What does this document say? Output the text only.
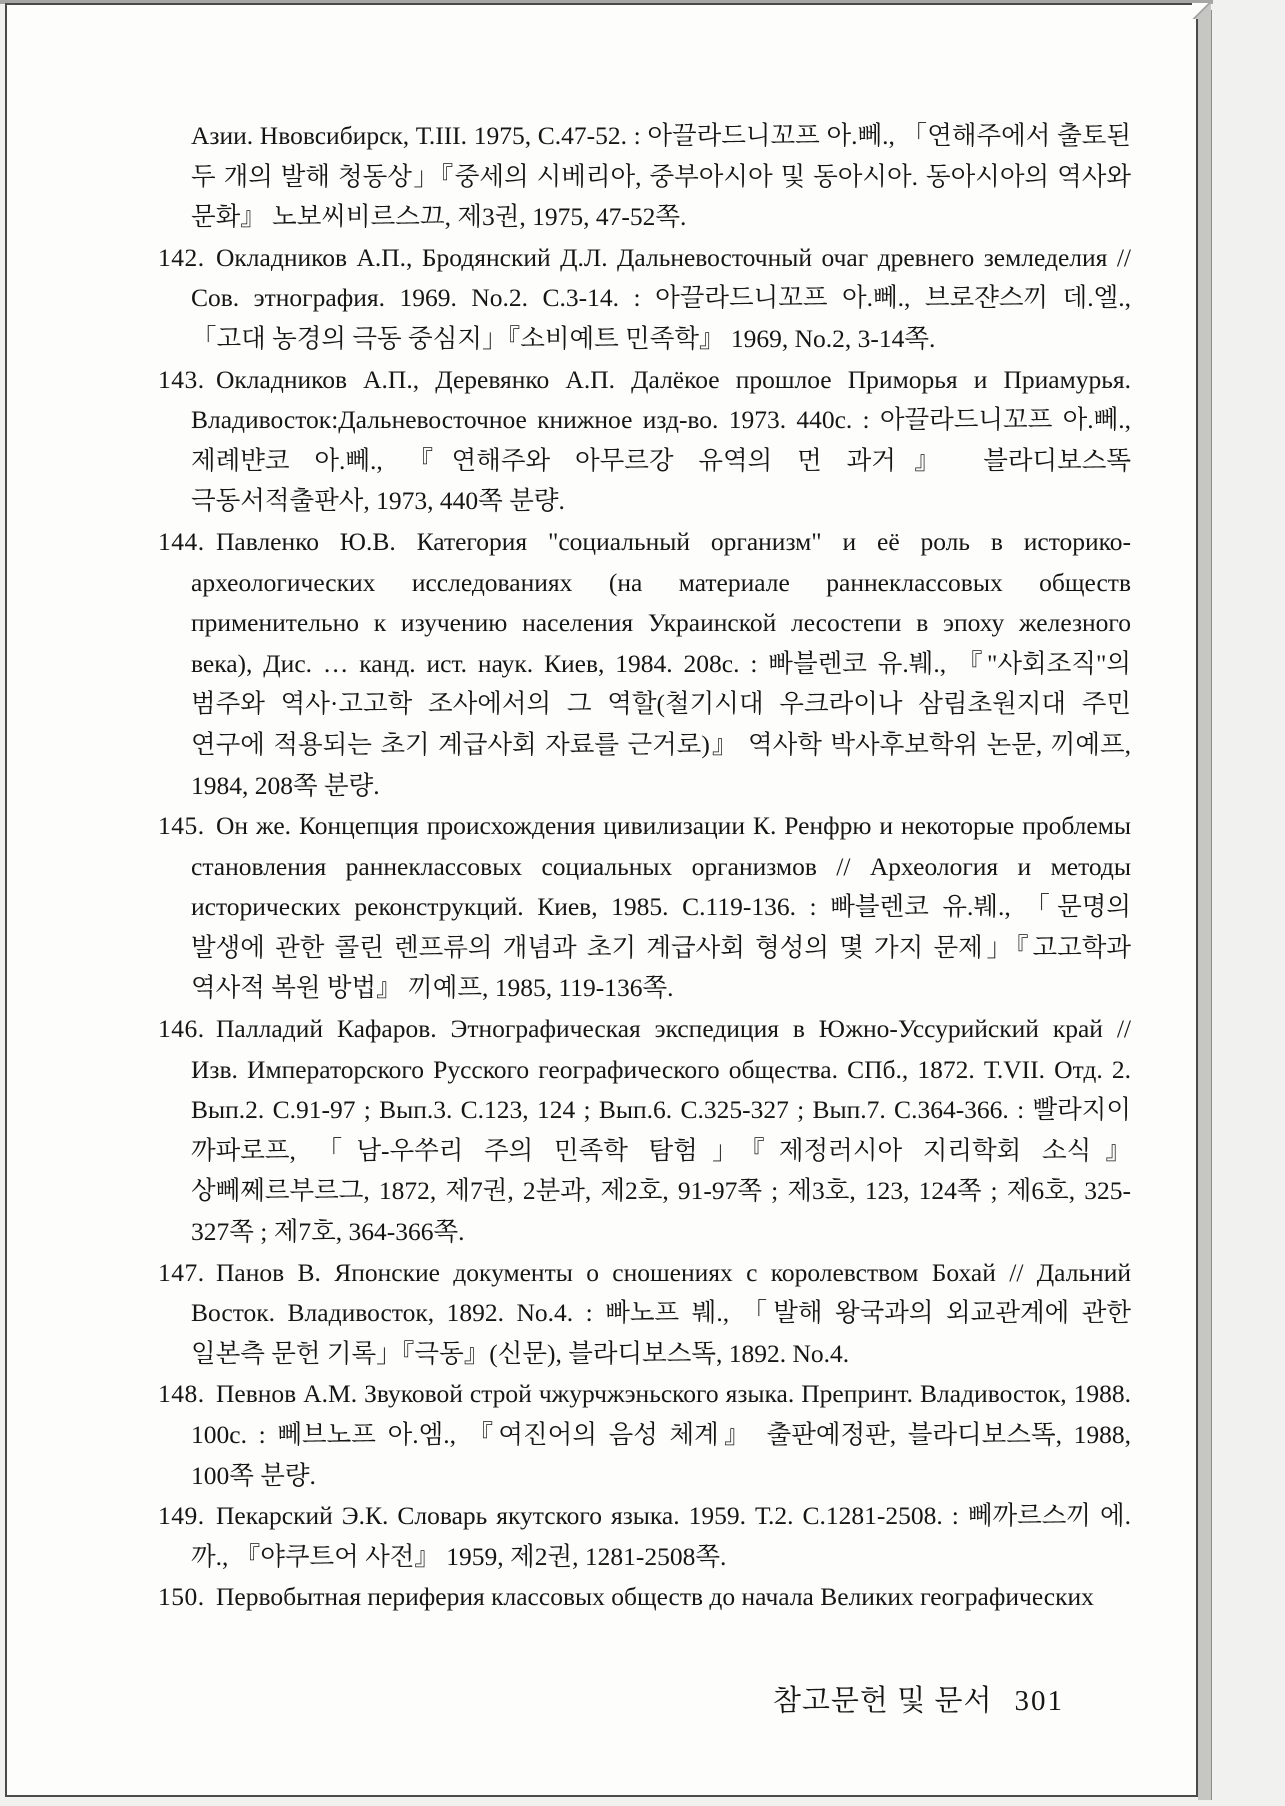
Азии. Нвовсибирск, Т.III. 1975, С.47-52. : 아끌라드니꼬프 아.뻬., 「연해주에서 출토된 두 개의 발해 청동상」『중세의 시베리아, 중부아시아 및 동아시아. 동아시아의 역사와 문화』 노보씨비르스끄, 제3권, 1975, 47-52쪽.

142. Окладников А.П., Бродянский Д.Л. Дальневосточный очаг древнего земледелия // Сов. этнография. 1969. No.2. С.3-14. : 아끌라드니꼬프 아.뻬., 브로쟌스끼 데.엘., 「고대 농경의 극동 중심지」『소비예트 민족학』 1969, No.2, 3-14쪽.

143. Окладников А.П., Деревянко А.П. Далёкое прошлое Приморья и Приамурья. Владивосток:Дальневосточное книжное изд-во. 1973. 440с. : 아끌라드니꼬프 아.뻬., 제례뱐코 아.뻬., 『연해주와 아무르강 유역의 먼 과거』 블라디보스똑 극동서적출판사, 1973, 440쪽 분량.

144. Павленко Ю.В. Категория "социальный организм" и её роль в историко-археологических исследованиях (на материале раннеклассовых обществ применительно к изучению населения Украинской лесостепи в эпоху железного века), Дис. … канд. ист. наук. Киев, 1984. 208с. : 빠블렌코 유.붸., 『"사회조직"의 범주와 역사·고고학 조사에서의 그 역할(철기시대 우크라이나 삼림초원지대 주민 연구에 적용되는 초기 계급사회 자료를 근거로)』 역사학 박사후보학위 논문, 끼예프, 1984, 208쪽 분량.

145. Он же. Концепция происхождения цивилизации К. Ренфрю и некоторые проблемы становления раннеклассовых социальных организмов // Археология и методы исторических реконструкций. Киев, 1985. С.119-136. : 빠블렌코 유.붸., 「문명의 발생에 관한 콜린 렌프류의 개념과 초기 계급사회 형성의 몇 가지 문제」『고고학과 역사적 복원 방법』 끼예프, 1985, 119-136쪽.

146. Палладий Кафаров. Этнографическая экспедиция в Южно-Уссурийский край // Изв. Императорского Русского географического общества. СПб., 1872. Т.VII. Отд. 2. Вып.2. С.91-97 ; Вып.3. С.123, 124 ; Вып.6. С.325-327 ; Вып.7. С.364-366. : 빨라지이 까파로프, 「남-우쑤리 주의 민족학 탐험」『제정러시아 지리학회 소식』 상뻬쩨르부르그, 1872, 제7권, 2분과, 제2호, 91-97쪽 ; 제3호, 123, 124쪽 ; 제6호, 325-327쪽 ; 제7호, 364-366쪽.

147. Панов В. Японские документы о сношениях с королевством Бохай // Дальний Восток. Владивосток, 1892. No.4. : 빠노프 붸., 「발해 왕국과의 외교관계에 관한 일본측 문헌 기록」『극동』(신문), 블라디보스똑, 1892. No.4.

148. Певнов А.М. Звуковой строй чжурчжэньского языка. Препринт. Владивосток, 1988. 100с. : 뻬브노프 아.엠., 『여진어의 음성 체계』 출판예정판, 블라디보스똑, 1988, 100쪽 분량.

149. Пекарский Э.К. Словарь якутского языка. 1959. Т.2. С.1281-2508. : 뻬까르스끼 에.까., 『야쿠트어 사전』 1959, 제2권, 1281-2508쪽.

150. Первобытная периферия классовых обществ до начала Великих географических

참고문헌 및 문서 301
